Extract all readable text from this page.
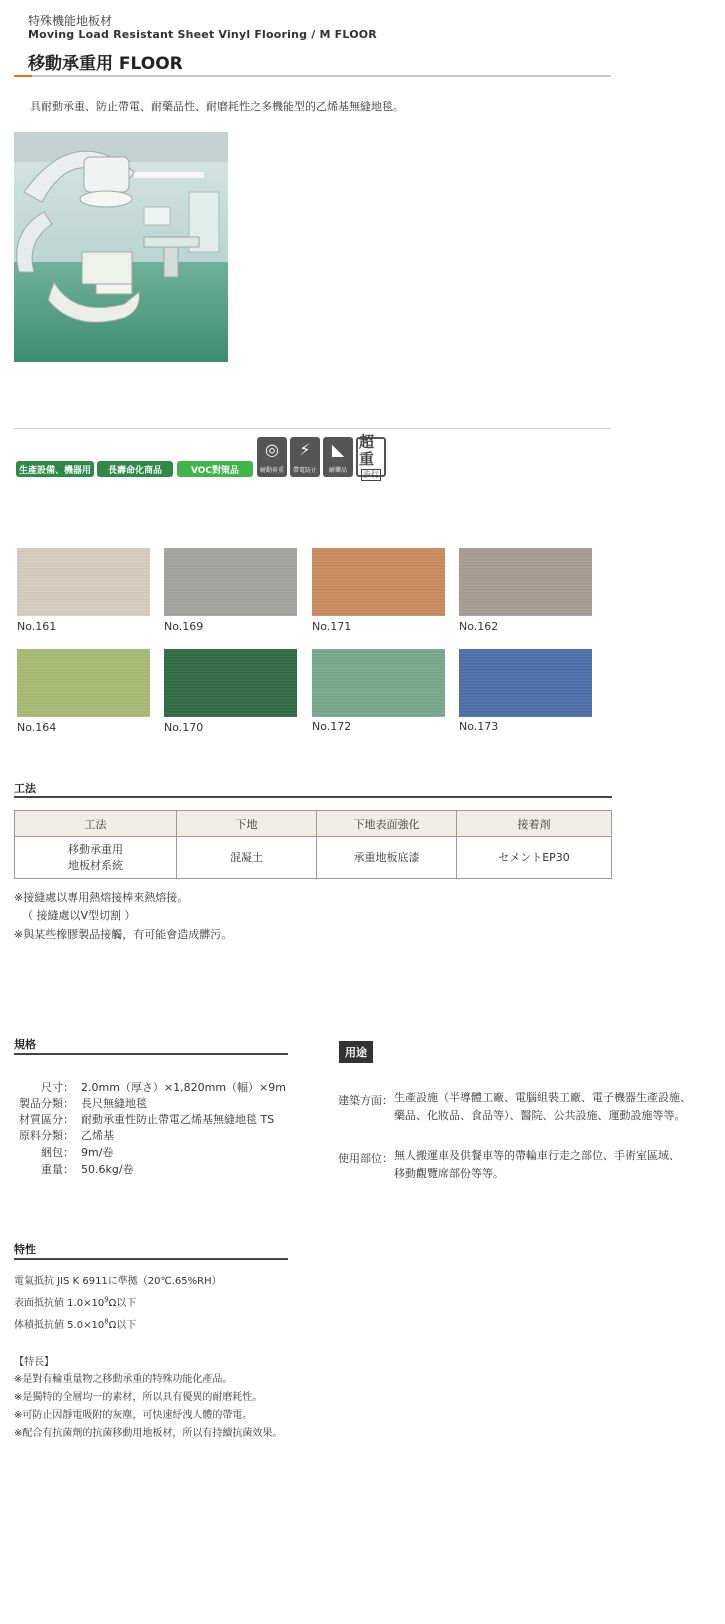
特殊機能地板材
Moving Load Resistant Sheet Vinyl Flooring / M FLOOR
移動承重用 FLOOR
具耐動承重、防止帶電、耐藥品性、耐磨耗性之多機能型的乙烯基無縫地毯。
生產設備、機器用	長壽命化商品	VOC對策品
◎
耐動荷重
⚡
帶電防止
◣
耐藥品
超重
步行
No.161	No.169	No.171	No.162
No.164	No.170	No.172	No.173
工法
工法	下地	下地表面強化	接着剤
移動承重用
地板材系統	混凝土	承重地板底漆	セメントEP30
※接縫處以專用熱熔接棒來熱熔接。
（ 接縫處以V型切割 ）
※與某些橡膠製品接觸，有可能會造成髒污。
規格
尺寸： 2.0mm（厚さ）×1,820mm（幅）×9m
製品分類： 長尺無縫地毯
材質區分： 耐動承重性防止帶電乙烯基無縫地毯 TS
原料分類： 乙烯基
綑包： 9m/卷
重量： 50.6kg/卷
用途
建築方面： 生產設施（半導體工廠、電腦組裝工廠、電子機器生產設施、
藥品、化妝品、食品等）、醫院、公共設施、運動設施等等。
使用部位： 無人搬運車及供餐車等的帶輪車行走之部位、手術室區域、
移動觀覽席部份等等。
特性
電氣抵抗 JIS K 6911に準拠（20℃.65%RH）
表面抵抗値 $1.0\times 10^9\Omega$以下
体積抵抗値 $5.0\times 10^8\Omega$以下
【特長】
※是對有輪重量物之移動承重的特殊功能化產品。
※是獨特的全層均一的素材，所以具有優異的耐磨耗性。
※可防止因靜電吸附的灰塵，可快速紓洩人體的帶電。
※配合有抗菌劑的抗菌移動用地板材，所以有持續抗菌效果。
